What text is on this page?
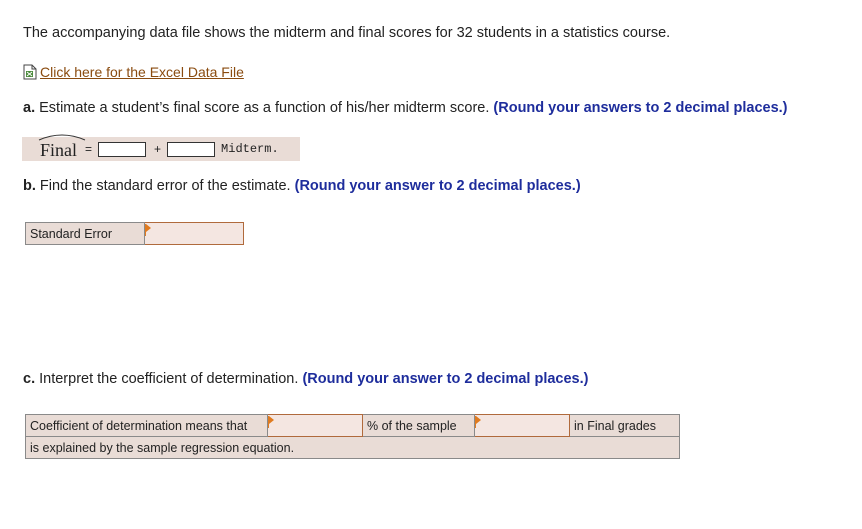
The accompanying data file shows the midterm and final scores for 32 students in a statistics course.
Click here for the Excel Data File
a. Estimate a student’s final score as a function of his/her midterm score. (Round your answers to 2 decimal places.)
Final =	+	Midterm.
b. Find the standard error of the estimate. (Round your answer to 2 decimal places.)
Standard Error	
c. Interpret the coefficient of determination. (Round your answer to 2 decimal places.)
Coefficient of determination means that		% of the sample		in Final grades
is explained by the sample regression equation.
